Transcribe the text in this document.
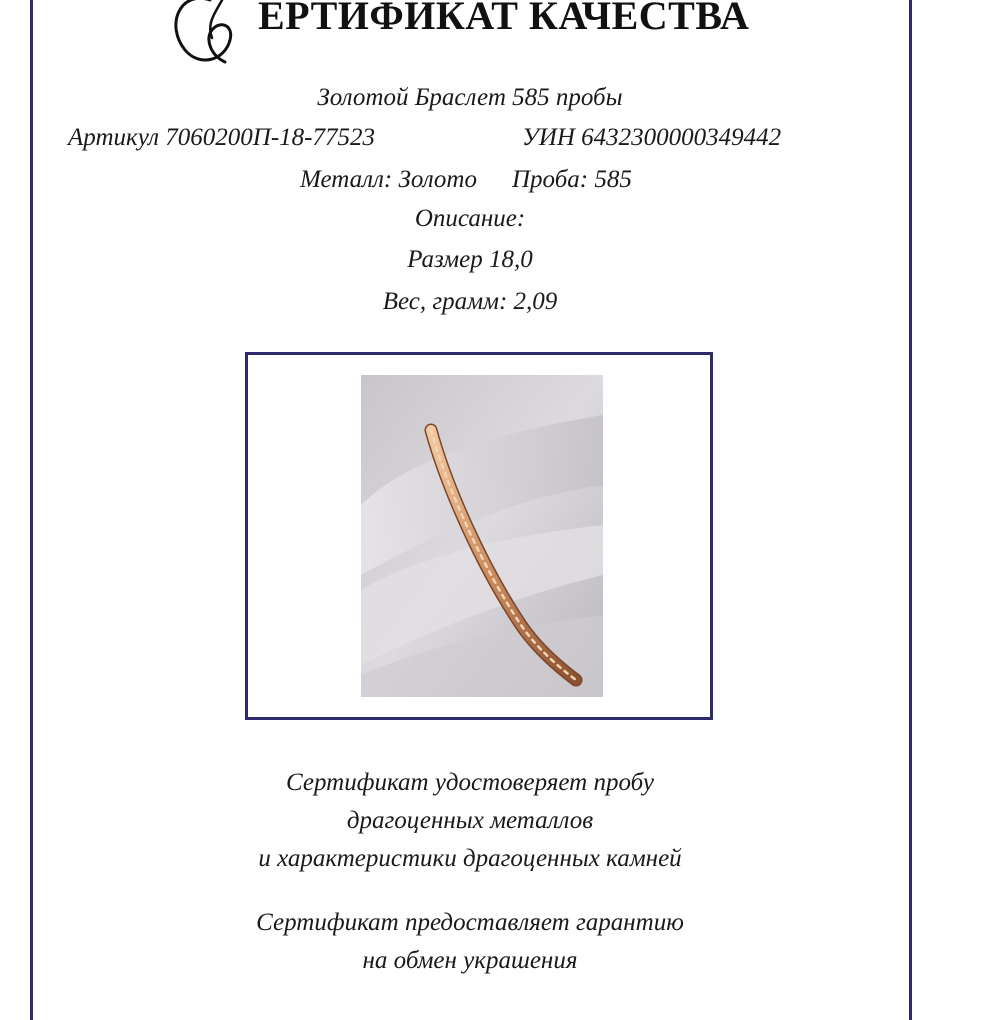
ЕРТИФИКАТ КАЧЕСТВА
Золотой Браслет 585 пробы
Артикул 7060200П-18-77523	УИН 6432300000349442
Металл: Золото Проба: 585
Описание:
Размер 18,0
Вес, грамм: 2,09
Сертификат удостоверяет пробу
драгоценных металлов
и характеристики драгоценных камней
Сертификат предоставляет гарантию
на обмен украшения
